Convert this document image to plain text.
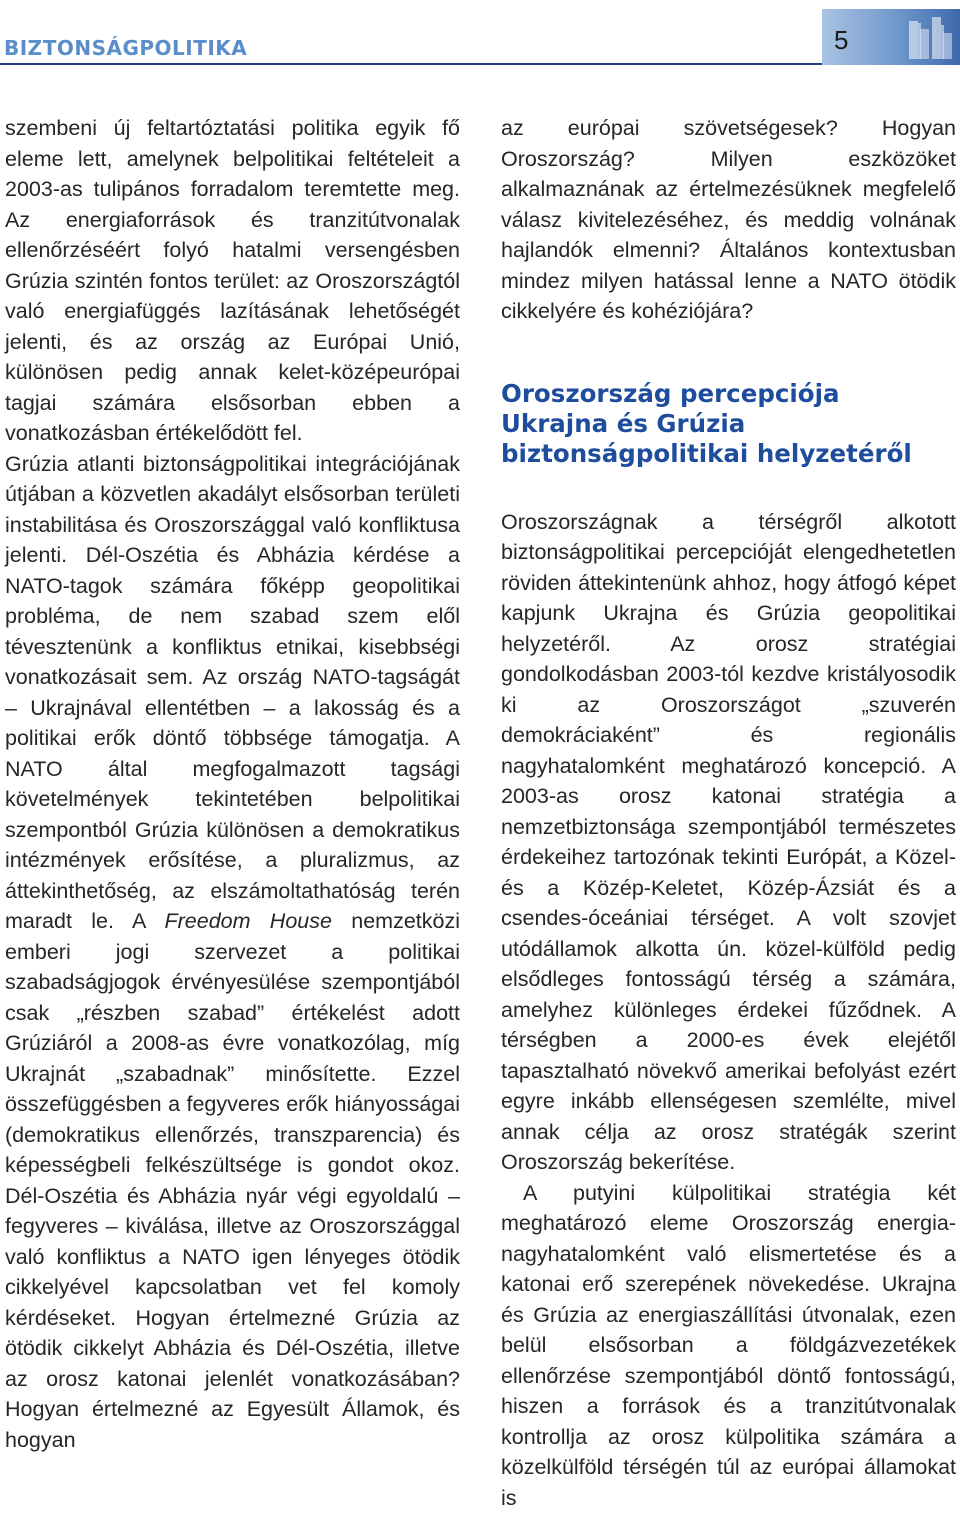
BIZTONSÁGPOLITIKA	5

szembeni új feltartóztatási politika egyik fő eleme lett, amelynek belpolitikai feltételeit a 2003-as tulipános forradalom teremtette meg. Az energiaforrások és tranzitútvonalak ellenőrzéséért folyó hatalmi versengésben Grúzia szintén fontos terület: az Oroszországtól való energiafüggés lazításának lehetőségét jelenti, és az ország az Európai Unió, különösen pedig annak kelet-középeurópai tagjai számára elsősorban ebben a vonatkozásban értékelődött fel.

Grúzia atlanti biztonságpolitikai integrációjának útjában a közvetlen akadályt elsősorban területi instabilitása és Oroszországgal való konfliktusa jelenti. Dél-Oszétia és Abházia kérdése a NATO-tagok számára főképp geopolitikai probléma, de nem szabad szem elől tévesztenünk a konfliktus etnikai, kisebbségi vonatkozásait sem. Az ország NATO-tagságát – Ukrajnával ellentétben – a lakosság és a politikai erők döntő többsége támogatja. A NATO által megfogalmazott tagsági követelmények tekintetében belpolitikai szempontból Grúzia különösen a demokratikus intézmények erősítése, a pluralizmus, az áttekinthetőség, az elszámoltathatóság terén maradt le. A Freedom House nemzetközi emberi jogi szervezet a politikai szabadságjogok érvényesülése szempontjából csak „részben szabad” értékelést adott Grúziáról a 2008-as évre vonatkozólag, míg Ukrajnát „szabadnak” minősítette. Ezzel összefüggésben a fegyveres erők hiányosságai (demokratikus ellenőrzés, transzparencia) és képességbeli felkészültsége is gondot okoz. Dél-Oszétia és Abházia nyár végi egyoldalú – fegyveres – kiválása, illetve az Oroszországgal való konfliktus a NATO igen lényeges ötödik cikkelyével kapcsolatban vet fel komoly kérdéseket. Hogyan értelmezné Grúzia az ötödik cikkelyt Abházia és Dél-Oszétia, illetve az orosz katonai jelenlét vonatkozásában? Hogyan értelmezné az Egyesült Államok, és hogyan

az európai szövetségesek? Hogyan Oroszország? Milyen eszközöket alkalmaznának az értelmezésüknek megfelelő válasz kivitelezéséhez, és meddig volnának hajlandók elmenni? Általános kontextusban mindez milyen hatással lenne a NATO ötödik cikkelyére és kohéziójára?

Oroszország percepciója
Ukrajna és Grúzia
biztonságpolitikai helyzetéről

Oroszországnak a térségről alkotott biztonságpolitikai percepcióját elengedhetetlen röviden áttekintenünk ahhoz, hogy átfogó képet kapjunk Ukrajna és Grúzia geopolitikai helyzetéről. Az orosz stratégiai gondolkodásban 2003-tól kezdve kristályosodik ki az Oroszországot „szuverén demokráciaként” és regionális nagyhatalomként meghatározó koncepció. A 2003-as orosz katonai stratégia a nemzetbiztonsága szempontjából természetes érdekeihez tartozónak tekinti Európát, a Közel- és a Közép-Keletet, Közép-Ázsiát és a csendes-óceániai térséget. A volt szovjet utódállamok alkotta ún. közel-külföld pedig elsődleges fontosságú térség a számára, amelyhez különleges érdekei fűződnek. A térségben a 2000-es évek elejétől tapasztalható növekvő amerikai befolyást ezért egyre inkább ellenségesen szemlélte, mivel annak célja az orosz stratégák szerint Oroszország bekerítése.

A putyini külpolitikai stratégia két meghatározó eleme Oroszország energia-nagyhatalomként való elismertetése és a katonai erő szerepének növekedése. Ukrajna és Grúzia az energiaszállítási útvonalak, ezen belül elsősorban a földgázvezetékek ellenőrzése szempontjából döntő fontosságú, hiszen a források és a tranzitútvonalak kontrollja az orosz külpolitika számára a közelkülföld térségén túl az európai államokat is
